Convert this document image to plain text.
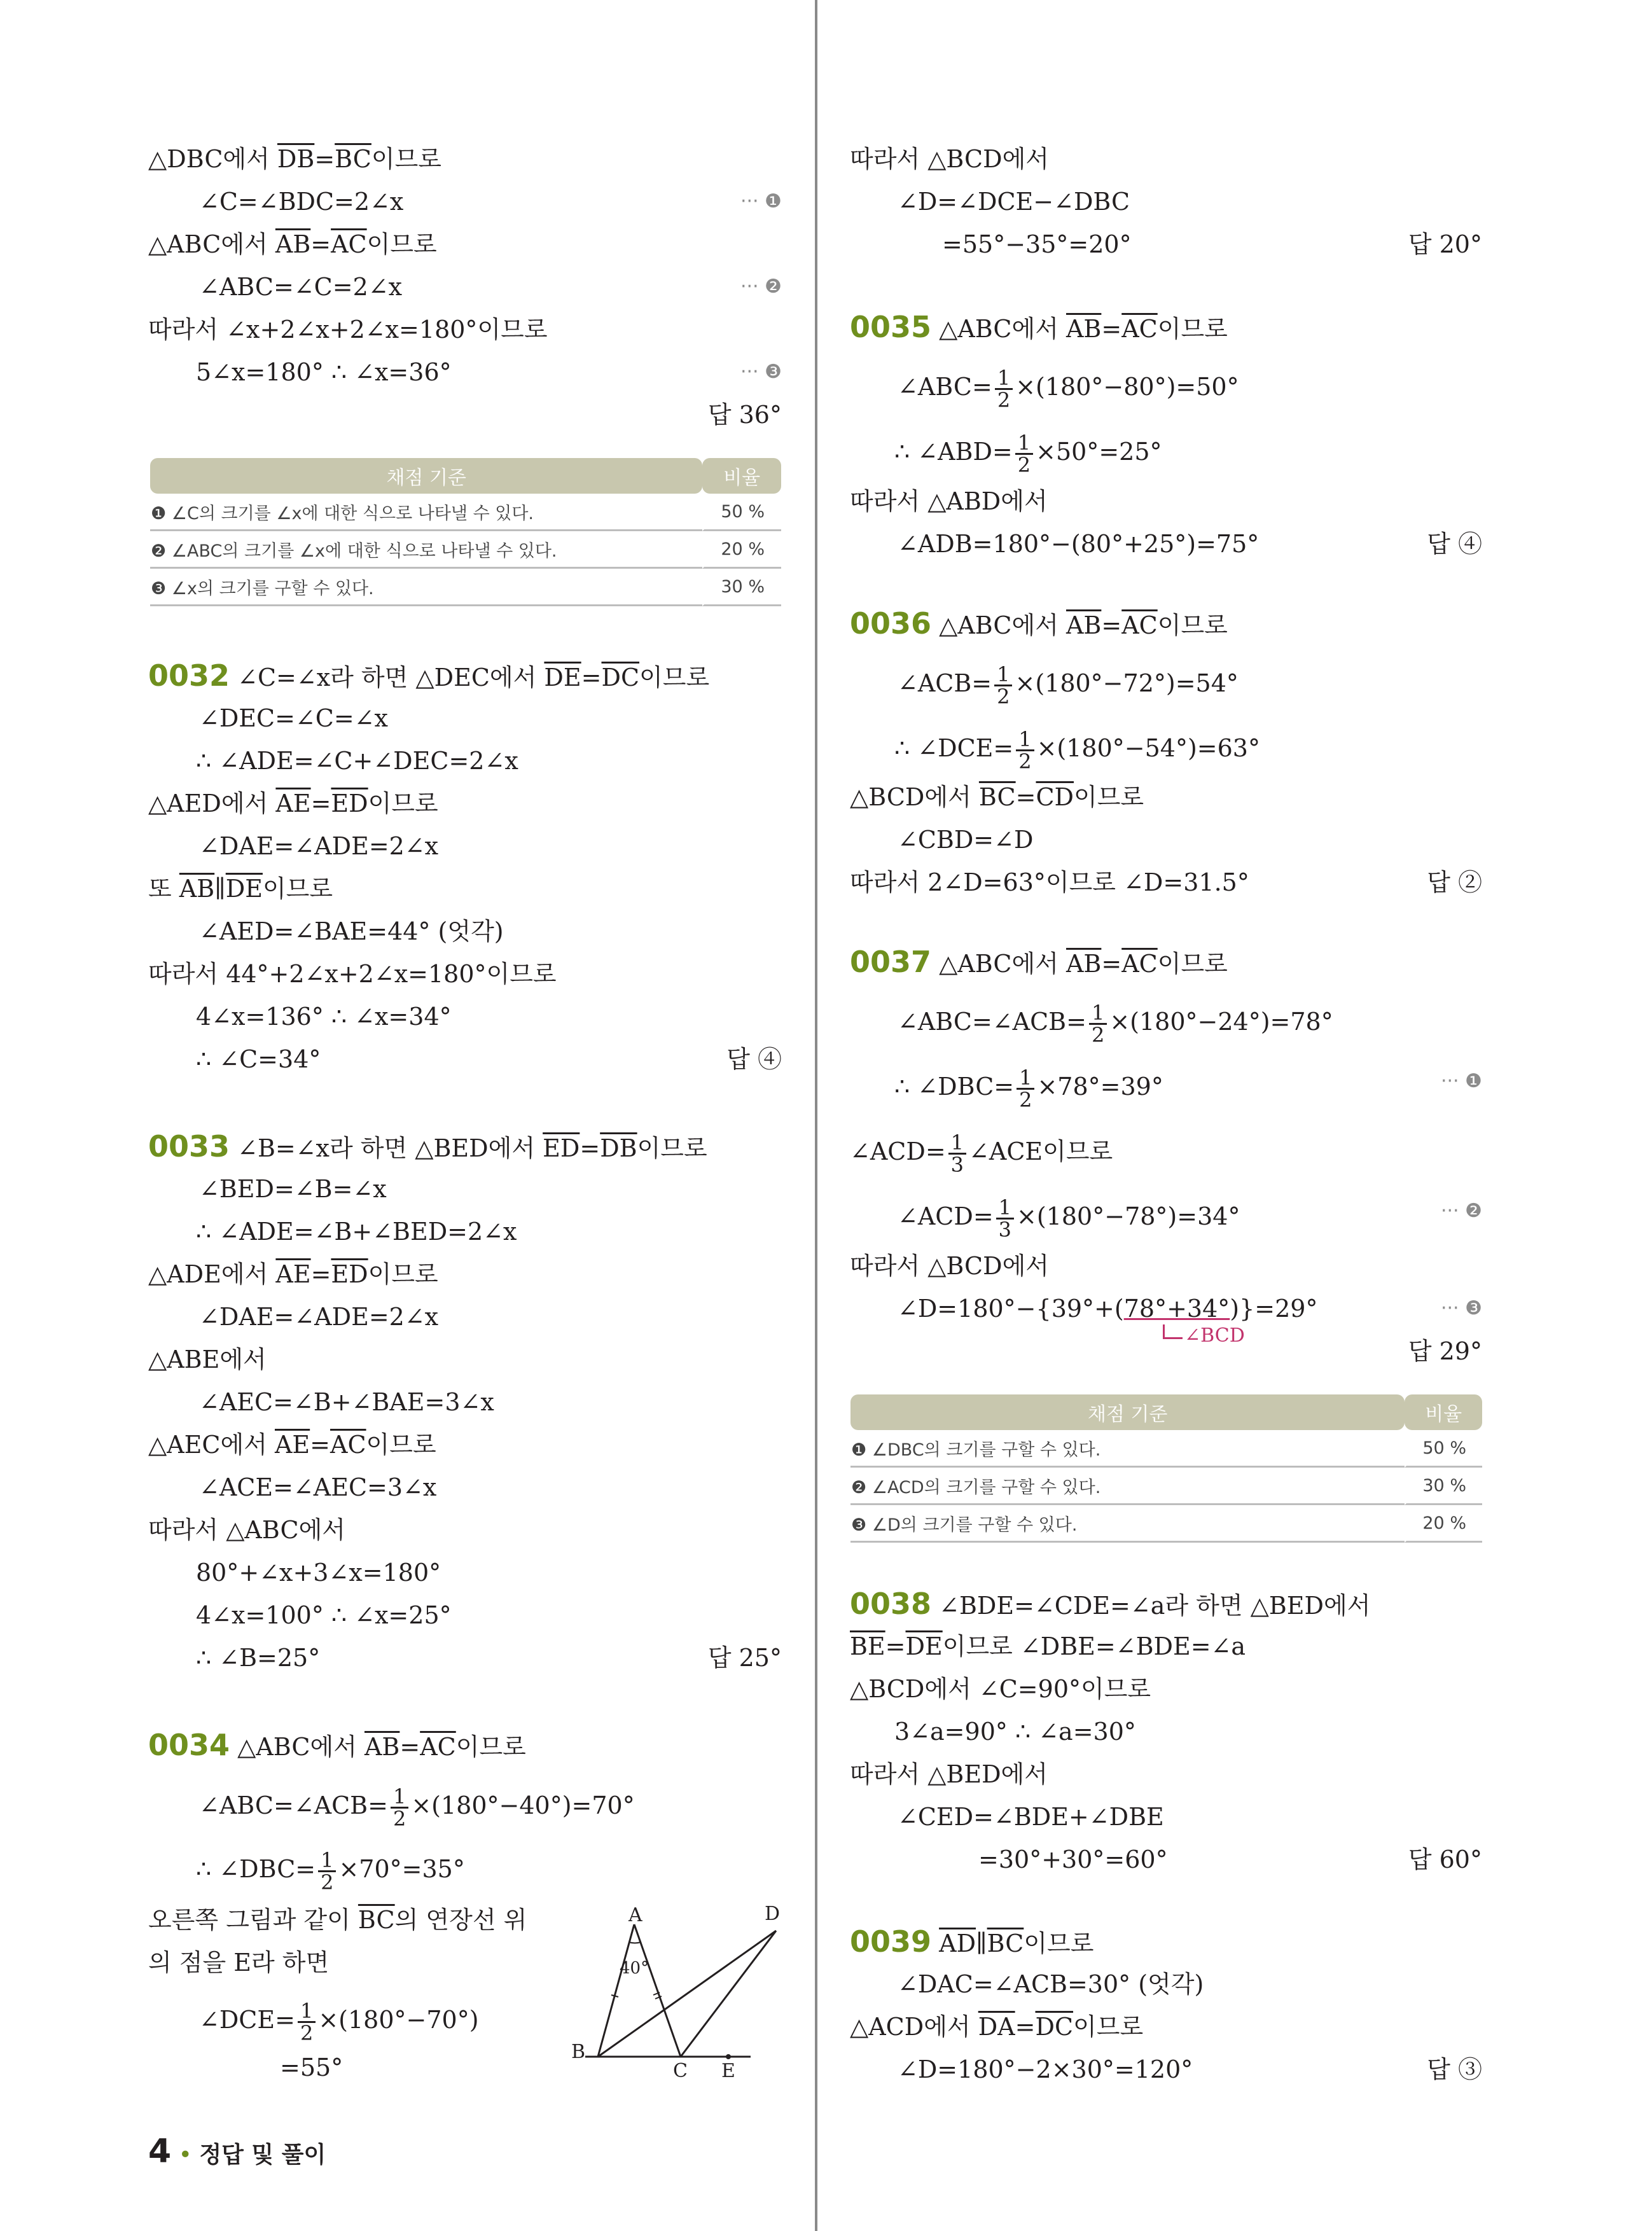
△DBC에서 $\overline{DB}=\overline{BC}$이므로
∠C=∠BDC=2∠x	··· ❶
△ABC에서 $\overline{AB}=\overline{AC}$이므로
∠ABC=∠C=2∠x	··· ❷
따라서 ∠x+2∠x+2∠x=180°이므로
5∠x=180° ∴ ∠x=36°	··· ❸
답 36°
채점 기준	비율
❶ ∠C의 크기를 ∠x에 대한 식으로 나타낼 수 있다.	50 %
❷ ∠ABC의 크기를 ∠x에 대한 식으로 나타낼 수 있다.	20 %
❸ ∠x의 크기를 구할 수 있다.	30 %
0032 ∠C=∠x라 하면 △DEC에서 $\overline{DE}=\overline{DC}$이므로
∠DEC=∠C=∠x
∴ ∠ADE=∠C+∠DEC=2∠x
△AED에서 $\overline{AE}=\overline{ED}$이므로
∠DAE=∠ADE=2∠x
또 $\overline{AB}\parallel\overline{DE}$이므로
∠AED=∠BAE=44° (엇각)
따라서 44°+2∠x+2∠x=180°이므로
4∠x=136° ∴ ∠x=34°
∴ ∠C=34°	답 ④
0033 ∠B=∠x라 하면 △BED에서 $\overline{ED}=\overline{DB}$이므로
∠BED=∠B=∠x
∴ ∠ADE=∠B+∠BED=2∠x
△ADE에서 $\overline{AE}=\overline{ED}$이므로
∠DAE=∠ADE=2∠x
△ABE에서
∠AEC=∠B+∠BAE=3∠x
△AEC에서 $\overline{AE}=\overline{AC}$이므로
∠ACE=∠AEC=3∠x
따라서 △ABC에서
80°+∠x+3∠x=180°
4∠x=100° ∴ ∠x=25°
∴ ∠B=25°	답 25°
0034 △ABC에서 $\overline{AB}=\overline{AC}$이므로
∠ABC=∠ACB= $\frac{1}{2} \times(180^\circ-40^\circ)=70^\circ$
∴ ∠DBC= $\frac{1}{2} \times 70^\circ=35^\circ$
오른쪽 그림과 같이 $\overline{BC}$의 연장선 위
의 점을 E라 하면
∠DCE= $\frac{1}{2} \times(180^\circ-70^\circ)$
=55°
A
B
C
D
E
40°
따라서 △BCD에서
∠D=∠DCE−∠DBC
=55°−35°=20°	답 20°
0035 △ABC에서 $\overline{AB}=\overline{AC}$이므로
∠ABC= $\frac{1}{2} \times(180^\circ-80^\circ)=50^\circ$
∴ ∠ABD= $\frac{1}{2} \times 50^\circ=25^\circ$
따라서 △ABD에서
∠ADB=180°−(80°+25°)=75°	답 ④
0036 △ABC에서 $\overline{AB}=\overline{AC}$이므로
∠ACB= $\frac{1}{2} \times(180^\circ-72^\circ)=54^\circ$
∴ ∠DCE= $\frac{1}{2} \times(180^\circ-54^\circ)=63^\circ$
△BCD에서 $\overline{BC}=\overline{CD}$이므로
∠CBD=∠D
따라서 2∠D=63°이므로 ∠D=31.5°	답 ②
0037 △ABC에서 $\overline{AB}=\overline{AC}$이므로
∠ABC=∠ACB= $\frac{1}{2} \times(180^\circ-24^\circ)=78^\circ$
∴ ∠DBC= $\frac{1}{2} \times 78^\circ=39^\circ$	··· ❶
∠ACD= $\frac{1}{3}$ ∠ACE이므로
∠ACD= $\frac{1}{3} \times(180^\circ-78^\circ)=34^\circ$	··· ❷
따라서 △BCD에서
∠D=180°−{39°+(78°+34°)}=29°	··· ❸
∠BCD
답 29°
채점 기준	비율
❶ ∠DBC의 크기를 구할 수 있다.	50 %
❷ ∠ACD의 크기를 구할 수 있다.	30 %
❸ ∠D의 크기를 구할 수 있다.	20 %
0038 ∠BDE=∠CDE=∠a라 하면 △BED에서
$\overline{BE}=\overline{DE}$이므로 ∠DBE=∠BDE=∠a
△BCD에서 ∠C=90°이므로
3∠a=90° ∴ ∠a=30°
따라서 △BED에서
∠CED=∠BDE+∠DBE
=30°+30°=60°	답 60°
0039 $\overline{AD}\parallel\overline{BC}$이므로
∠DAC=∠ACB=30° (엇각)
△ACD에서 $\overline{DA}=\overline{DC}$이므로
∠D=180°−2×30°=120°	답 ③
4 • 정답 및 풀이
